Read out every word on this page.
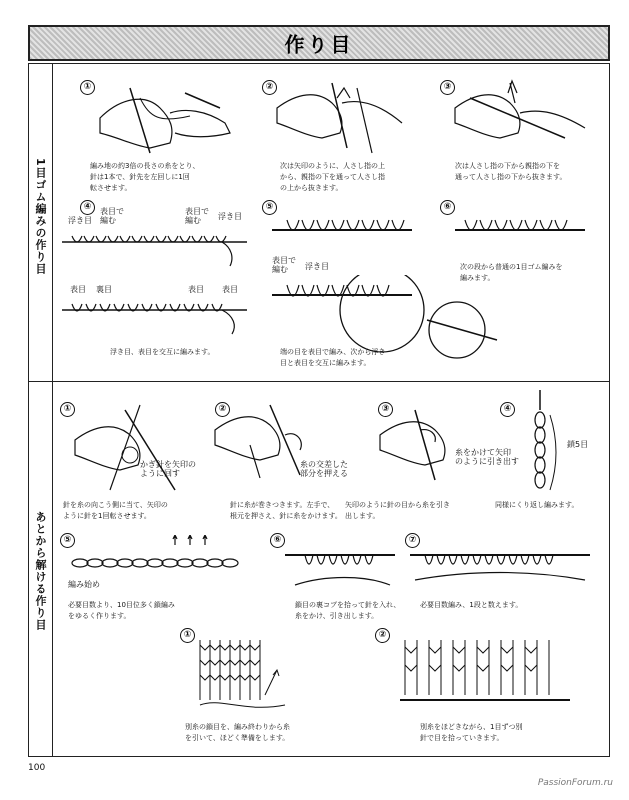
作り目
1目ゴム編みの作り目
あとから解ける作り目
①	②	③
④	⑤	⑥
編み地の約3倍の長さの糸をとり、
針は1本で、針先を左回しに1回
転させます。
次は矢印のように、人さし指の上
から、親指の下を通って人さし指
の上から抜きます。
次は人さし指の下から親指の下を
通って人さし指の下から抜きます。
浮き目
表目で
編む
表目で
編む	浮き目
表目 裏目	表目 表目
浮き目、表目を交互に編みます。
表目で
編む	浮き目
端の目を表目で編み、次から浮き
目と表目を交互に編みます。
次の段から普通の1目ゴム編みを
編みます。
①	②	③	④
かぎ針を矢印の
ように回す
糸の交差した
部分を押える
糸をかけて矢印
のように引き出す
鎖5目
針を糸の向こう側に当て、矢印の
ように針を1回転させます。
針に糸が巻きつきます。左手で、
根元を押さえ、針に糸をかけます。
矢印のように針の目から糸を引き
出します。
同様にくり返し編みます。
⑤	⑥	⑦
編み始め
必要目数より、10目位多く鎖編み
をゆるく作ります。
鎖目の裏コブを拾って針を入れ、
糸をかけ、引き出します。
必要目数編み、1段と数えます。
①	②
別糸の鎖目を、編み終わりから糸
を引いて、ほどく準備をします。
別糸をほどきながら、1目ずつ別
針で目を拾っていきます。
100
PassionForum.ru
